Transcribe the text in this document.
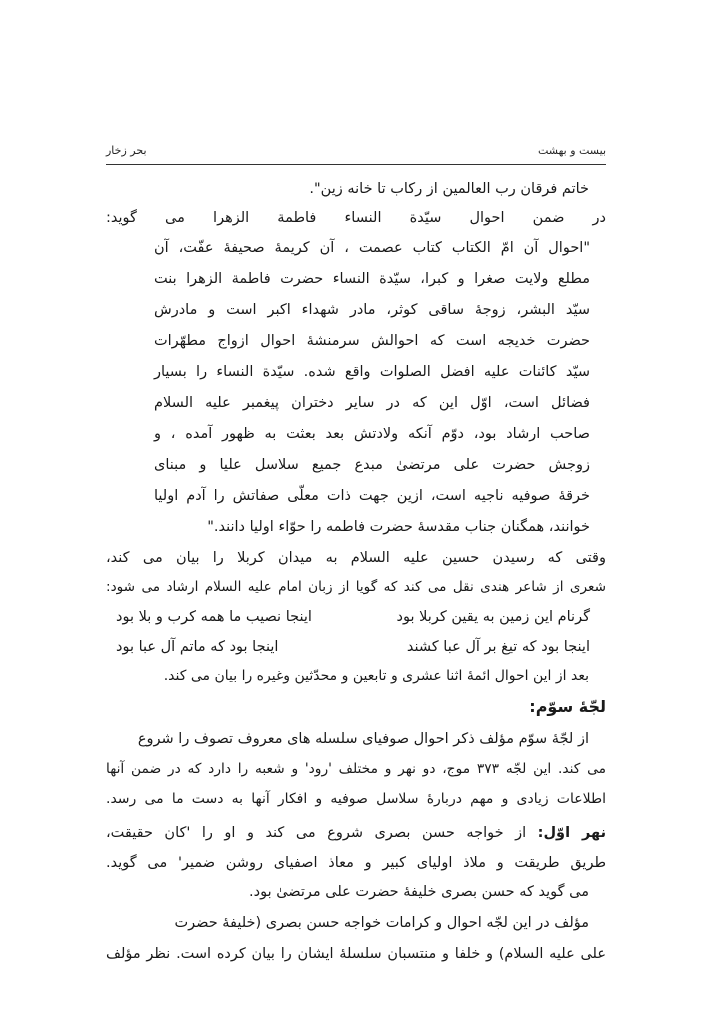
بیست و بهشت
بحر زخار
خاتم فرقان رب العالمین از رکاب تا خانه زین".
در ضمن احوال سیّدة النساء فاطمة الزهرا می گوید:
"احوال آن امّ الکتاب کتاب عصمت ، آن کریمۀ صحیفۀ عفّت، آن
مطلع ولایت صغرا و کبرا، سیّدة النساء حضرت فاطمة الزهرا بنت
سیّد البشر، زوجۀ ساقی کوثر، مادر شهداء اکبر است و مادرش
حضرت خدیجه است که احوالش سرمنشۀ احوال ازواج مطهّرات
سیّد کائنات علیه افضل الصلوات واقع شده. سیّدة النساء را بسیار
فضائل است، اوّل این که در سایر دختران پیغمبر علیه السلام
صاحب ارشاد بود، دوّم آنکه ولادتش بعد بعثت به ظهور آمده ، و
زوجش حضرت علی مرتضیٰ مبدع جمیع سلاسل علیا و مبنای
خرقۀ صوفیه ناجیه است، ازین جهت ذات معلّی صفاتش را آدم اولیا
خوانند، همگنان جناب مقدسۀ حضرت فاطمه را حوّاء اولیا دانند."
وقتی که رسیدن حسین علیه السلام به میدان کربلا را بیان می کند،
شعری از شاعر هندی نقل می کند که گویا از زبان امام علیه السلام ارشاد می شود:
گرنام این زمین به یقین کربلا بود
اینجا نصیب ما همه کرب و بلا بود
اینجا بود که تیغ بر آل عبا کشند
اینجا بود که ماتم آل عبا بود
بعد از این احوال ائمۀ اثنا عشری و تابعین و محدّثین وغیره را بیان می کند.
لجّۀ سوّم:
از لجّۀ سوّم مؤلف ذکر احوال صوفیای سلسله های معروف تصوف را شروع
می کند. این لجّه ۳۷۳ موج، دو نهر و مختلف 'رود' و شعبه را دارد که در ضمن آنها
اطلاعات زیادی و مهم دربارۀ سلاسل صوفیه و افکار آنها به دست ما می رسد.
نهر اوّل: از خواجه حسن بصری شروع می کند و او را 'کان حقیقت،
طریق طریقت و ملاذ اولیای کبیر و معاذ اصفیای روشن ضمیر' می گوید.
می گوید که حسن بصری خلیفۀ حضرت علی مرتضیٰ بود.
مؤلف در این لجّه احوال و کرامات خواجه حسن بصری (خلیفۀ حضرت
علی علیه السلام) و خلفا و منتسبان سلسلۀ ایشان را بیان کرده است. نظر مؤلف
